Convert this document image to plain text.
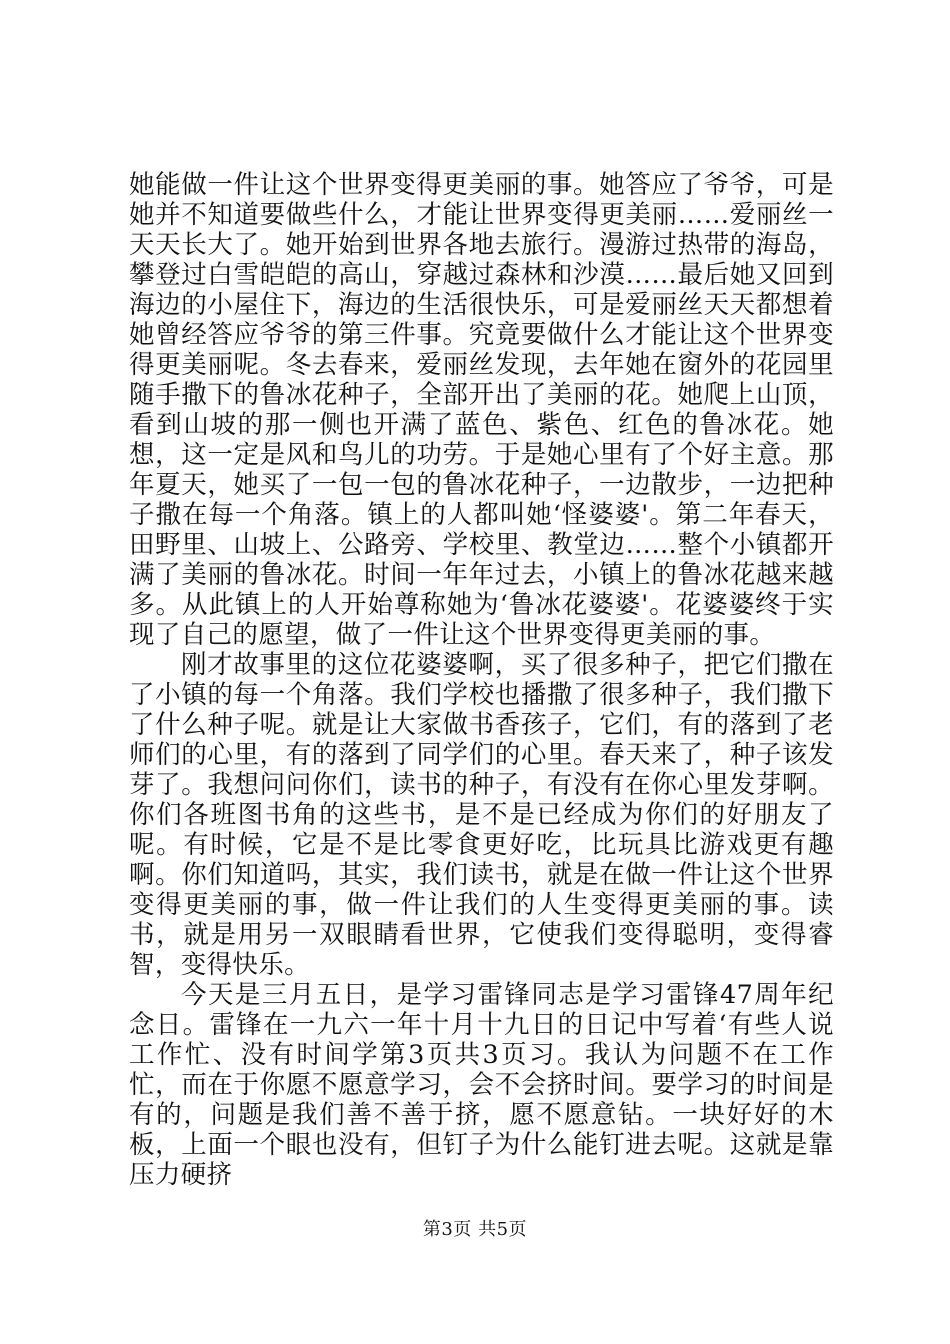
她能做一件让这个世界变得更美丽的事。她答应了爷爷，可是她并不知道要做些什么，才能让世界变得更美丽……爱丽丝一天天长大了。她开始到世界各地去旅行。漫游过热带的海岛，攀登过白雪皑皑的高山，穿越过森林和沙漠……最后她又回到海边的小屋住下，海边的生活很快乐，可是爱丽丝天天都想着她曾经答应爷爷的第三件事。究竟要做什么才能让这个世界变得更美丽呢。冬去春来，爱丽丝发现，去年她在窗外的花园里随手撒下的鲁冰花种子，全部开出了美丽的花。她爬上山顶，看到山坡的那一侧也开满了蓝色、紫色、红色的鲁冰花。她想，这一定是风和鸟儿的功劳。于是她心里有了个好主意。那年夏天，她买了一包一包的鲁冰花种子，一边散步，一边把种子撒在每一个角落。镇上的人都叫她‘怪婆婆'。第二年春天，田野里、山坡上、公路旁、学校里、教堂边……整个小镇都开满了美丽的鲁冰花。时间一年年过去，小镇上的鲁冰花越来越多。从此镇上的人开始尊称她为‘鲁冰花婆婆'。花婆婆终于实现了自己的愿望，做了一件让这个世界变得更美丽的事。

刚才故事里的这位花婆婆啊，买了很多种子，把它们撒在了小镇的每一个角落。我们学校也播撒了很多种子，我们撒下了什么种子呢。就是让大家做书香孩子，它们，有的落到了老师们的心里，有的落到了同学们的心里。春天来了，种子该发芽了。我想问问你们，读书的种子，有没有在你心里发芽啊。你们各班图书角的这些书，是不是已经成为你们的好朋友了呢。有时候，它是不是比零食更好吃，比玩具比游戏更有趣啊。你们知道吗，其实，我们读书，就是在做一件让这个世界变得更美丽的事，做一件让我们的人生变得更美丽的事。读书，就是用另一双眼睛看世界，它使我们变得聪明，变得睿智，变得快乐。

今天是三月五日，是学习雷锋同志是学习雷锋47周年纪念日。雷锋在一九六一年十月十九日的日记中写着‘有些人说工作忙、没有时间学第3页共3页习。我认为问题不在工作忙，而在于你愿不愿意学习，会不会挤时间。要学习的时间是有的，问题是我们善不善于挤，愿不愿意钻。一块好好的木板，上面一个眼也没有，但钉子为什么能钉进去呢。这就是靠压力硬挤

第3页 共5页
